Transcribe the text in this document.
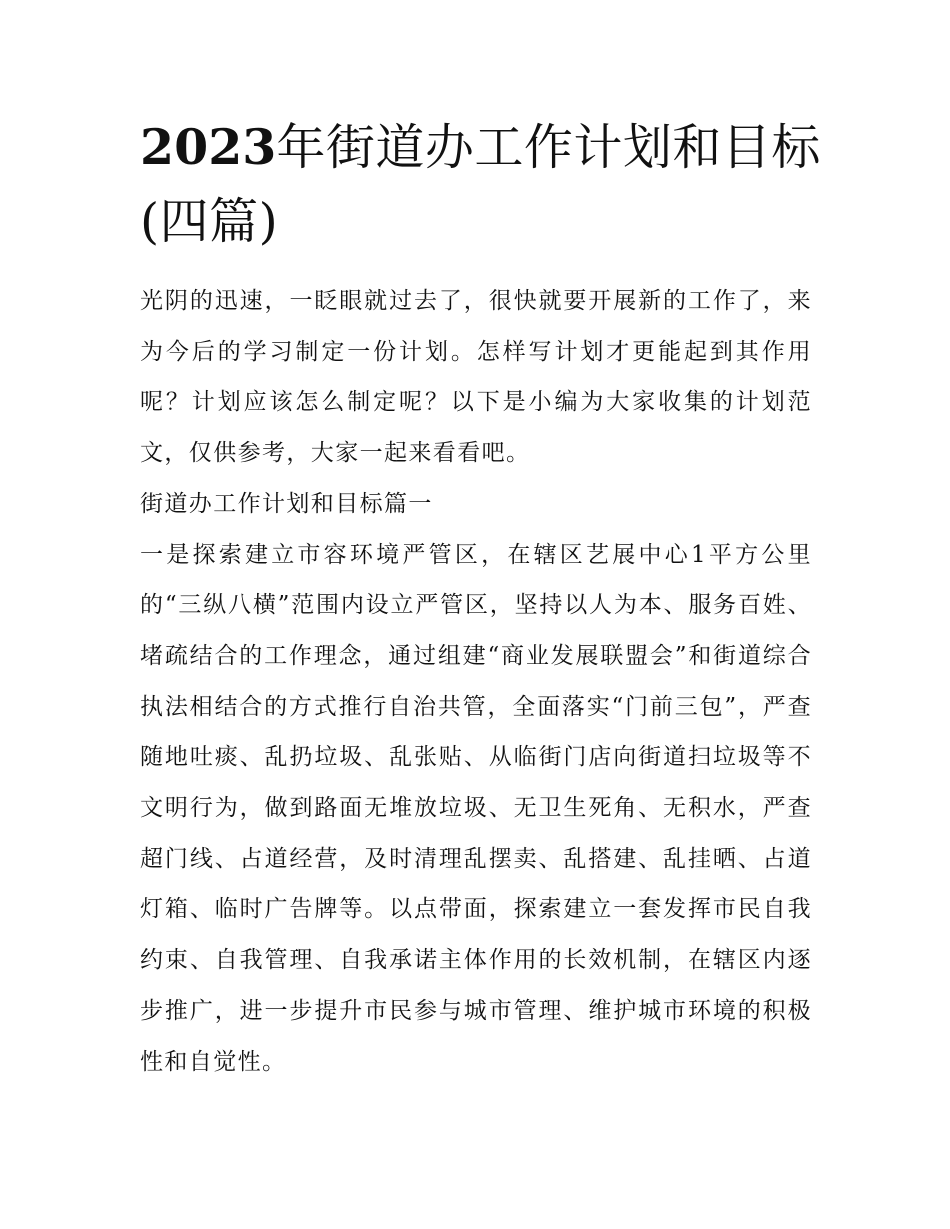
2023年街道办工作计划和目标
(四篇)

光阴的迅速，一眨眼就过去了，很快就要开展新的工作了，来为今后的学习制定一份计划。怎样写计划才更能起到其作用呢？计划应该怎么制定呢？以下是小编为大家收集的计划范文，仅供参考，大家一起来看看吧。

街道办工作计划和目标篇一

一是探索建立市容环境严管区，在辖区艺展中心1平方公里的“三纵八横”范围内设立严管区，坚持以人为本、服务百姓、堵疏结合的工作理念，通过组建“商业发展联盟会”和街道综合执法相结合的方式推行自治共管，全面落实“门前三包”，严查随地吐痰、乱扔垃圾、乱张贴、从临街门店向街道扫垃圾等不文明行为，做到路面无堆放垃圾、无卫生死角、无积水，严查超门线、占道经营，及时清理乱摆卖、乱搭建、乱挂晒、占道灯箱、临时广告牌等。以点带面，探索建立一套发挥市民自我约束、自我管理、自我承诺主体作用的长效机制，在辖区内逐步推广，进一步提升市民参与城市管理、维护城市环境的积极性和自觉性。
